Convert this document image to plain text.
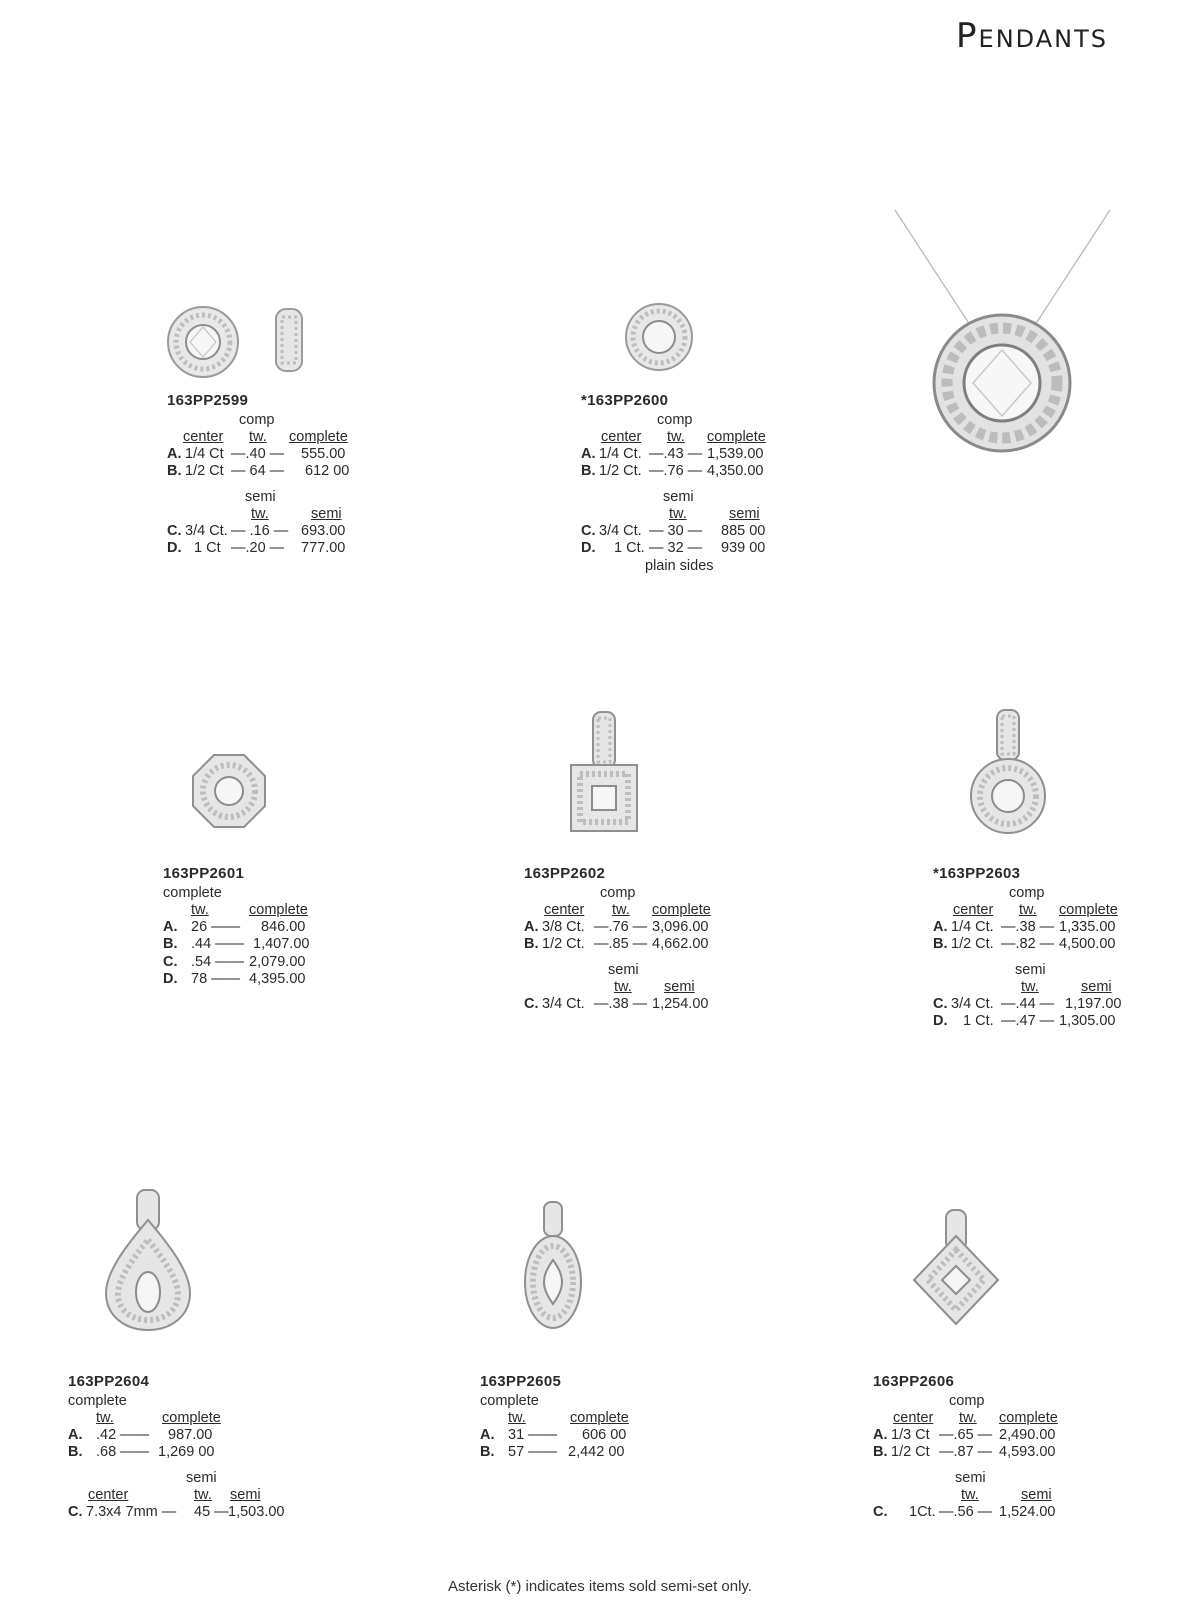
Pendants
163PP2599
comp
center tw. complete
A. 1/4 Ct —.40 — 555.00
B. 1/2 Ct — 64 — 612 00
semi
tw.	semi
C. 3/4 Ct. — .16 — 693.00
D. 1 Ct —.20 — 777.00
*163PP2600
comp
center tw. complete
A. 1/4 Ct. —.43 — 1,539.00
B. 1/2 Ct. —.76 — 4,350.00
semi
tw.	semi
C. 3/4 Ct. — 30 — 885 00
D. 1 Ct. — 32 — 939 00
plain sides
163PP2601
complete
tw.	complete
A. 26 —— 846.00
B. .44 —— 1,407.00
C. .54 —— 2,079.00
D. 78 —— 4,395.00
163PP2602
comp
center tw. complete
A. 3/8 Ct. —.76 — 3,096.00
B. 1/2 Ct. —.85 — 4,662.00
semi
tw. semi
C. 3/4 Ct. —.38 — 1,254.00
*163PP2603
comp
center tw. complete
A. 1/4 Ct. —.38 — 1,335.00
B. 1/2 Ct. —.82 — 4,500.00
semi
tw.	semi
C. 3/4 Ct. —.44 — 1,197.00
D. 1 Ct. —.47 — 1,305.00
163PP2604
complete
tw.	complete
A. .42 —— 987.00
B. .68 —— 1,269 00
semi
center	tw. semi
C. 7.3x4 7mm — 45 — 1,503.00
163PP2605
complete
tw.	complete
A. 31 —— 606 00
B. 57 —— 2,442 00
163PP2606
comp
center tw. complete
A. 1/3 Ct —.65 — 2,490.00
B. 1/2 Ct —.87 — 4,593.00
semi
tw.	semi
C. 1Ct. —.56 — 1,524.00
Asterisk (*) indicates items sold semi-set only.
